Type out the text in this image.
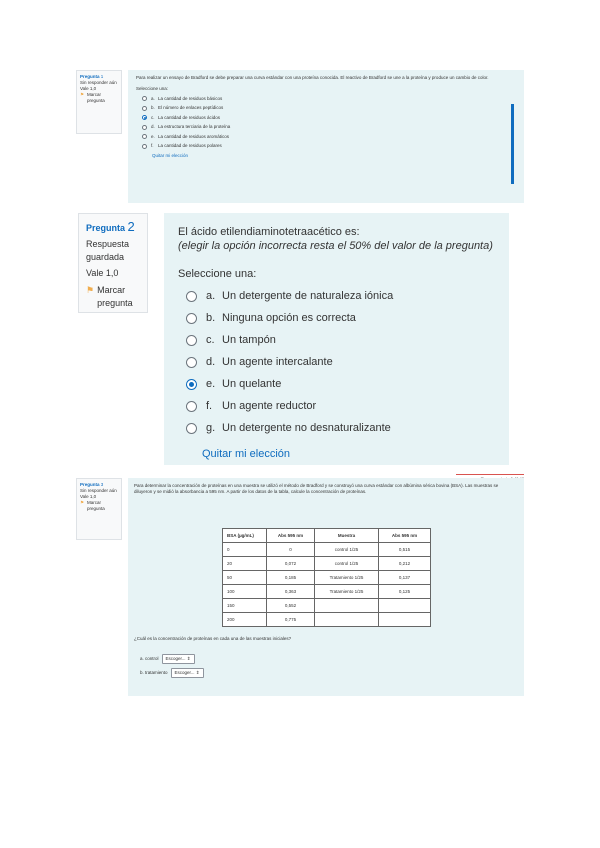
Pregunta 1
Sin responder aún
Vale 1,0
⚑ Marcar pregunta
Para realizar un ensayo de Bradford se debe preparar una curva estándar con una proteína conocida. El reactivo de Bradford se une a la proteína y produce un cambio de color.
Seleccione una:
a. La cantidad de residuos básicos
b. El número de enlaces peptídicos
c. La cantidad de residuos ácidos
d. La estructura terciaria de la proteína
e. La cantidad de residuos aromáticos
f. La cantidad de residuos polares
Quitar mi elección
Pregunta 2
Respuesta guardada
Vale 1,0
⚑ Marcar pregunta
El ácido etilendiaminotetraacético es:
(elegir la opción incorrecta resta el 50% del valor de la pregunta)
Seleccione una:
a. Un detergente de naturaleza iónica
b. Ninguna opción es correcta
c. Un tampón
d. Un agente intercalante
e. Un quelante
f. Un agente reductor
g. Un detergente no desnaturalizante
Quitar mi elección
Pregunta 3
Sin responder aún
Vale 1,0
⚑ Marcar pregunta
Para determinar la concentración de proteínas en una muestra se utilizó el método de Bradford y se construyó una curva estándar con albúmina sérica bovina (BSA). Las muestras se diluyeron y se midió la absorbancia a 595 nm. A partir de los datos de la tabla, calcule la concentración de proteínas.
BSA (µg/mL)	Abs 595 nm	Muestra	Abs 595 nm
0	0	control 1/25	0,515
20	0,072	control 1/25	0,212
50	0,185	Tratamiento 1/25	0,137
100	0,363	Tratamiento 1/25	0,125
150	0,552		
200	0,775		
¿Cuál es la concentración de proteínas en cada una de las muestras iniciales?
a. control	Escoger... ⇕
b. tratamiento	Escoger... ⇕
